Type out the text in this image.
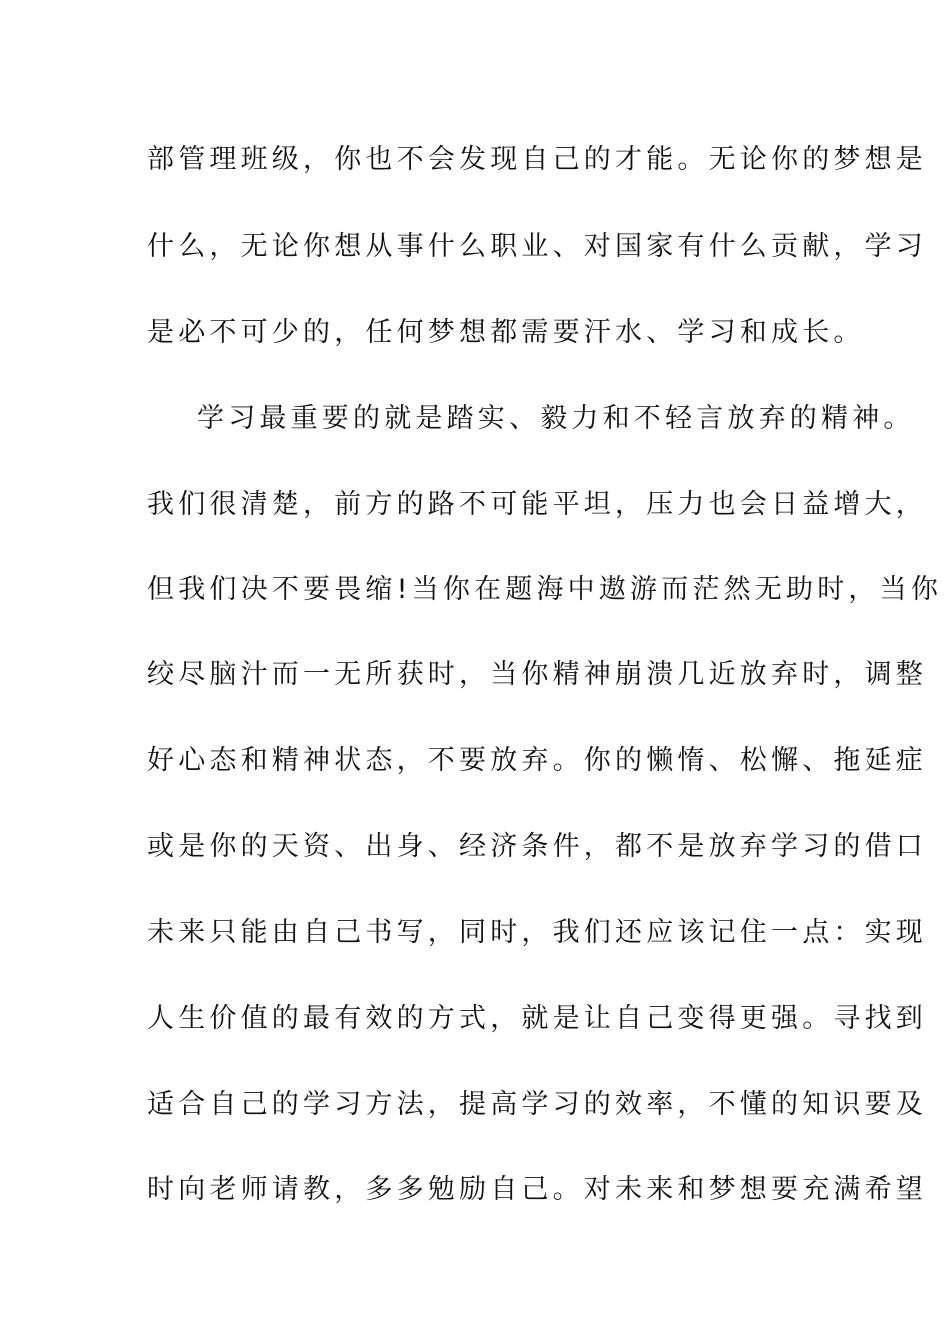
部管理班级，你也不会发现自己的才能。无论你的梦想是
什么，无论你想从事什么职业、对国家有什么贡献，学习
是必不可少的，任何梦想都需要汗水、学习和成长。
学习最重要的就是踏实、毅力和不轻言放弃的精神。
我们很清楚，前方的路不可能平坦，压力也会日益增大，
但我们决不要畏缩!当你在题海中遨游而茫然无助时，当你
绞尽脑汁而一无所获时，当你精神崩溃几近放弃时，调整
好心态和精神状态，不要放弃。你的懒惰、松懈、拖延症
或是你的天资、出身、经济条件，都不是放弃学习的借口
未来只能由自己书写，同时，我们还应该记住一点：实现
人生价值的最有效的方式，就是让自己变得更强。寻找到
适合自己的学习方法，提高学习的效率，不懂的知识要及
时向老师请教，多多勉励自己。对未来和梦想要充满希望
